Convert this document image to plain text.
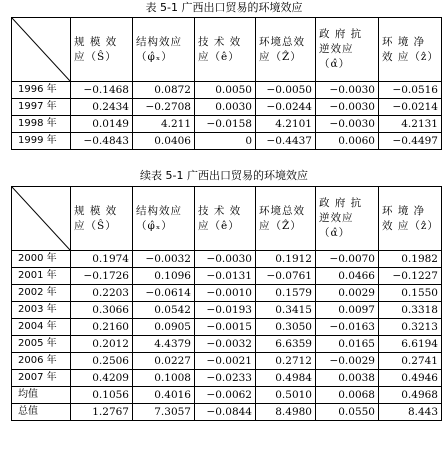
表 5-1 广西出口贸易的环境效应
	规 模 效 应（Ŝ）	结构效应（φ̂ₓ）	技 术 效 应（ê）	环境总效应（Ẑ）	政 府 抗 逆效应（α̂）	环 境 净 效 应（ẑ）
1996 年	−0.1468	0.0872	0.0050	−0.0050	−0.0030	−0.0516
1997 年	0.2434	−0.2708	0.0030	−0.0244	−0.0030	−0.0214
1998 年	0.0149	4.211	−0.0158	4.2101	−0.0030	4.2131
1999 年	−0.4843	0.0406	0	−0.4437	0.0060	−0.4497
续表 5-1 广西出口贸易的环境效应
	规 模 效 应（Ŝ）	结构效应（φ̂ₓ）	技 术 效 应（ê）	环境总效应（Ẑ）	政 府 抗 逆效应（α̂）	环 境 净 效 应（ẑ）
2000 年	0.1974	−0.0032	−0.0030	0.1912	−0.0070	0.1982
2001 年	−0.1726	0.1096	−0.0131	−0.0761	0.0466	−0.1227
2002 年	0.2203	−0.0614	−0.0010	0.1579	0.0029	0.1550
2003 年	0.3066	0.0542	−0.0193	0.3415	0.0097	0.3318
2004 年	0.2160	0.0905	−0.0015	0.3050	−0.0163	0.3213
2005 年	0.2012	4.4379	−0.0032	6.6359	0.0165	6.6194
2006 年	0.2506	0.0227	−0.0021	0.2712	−0.0029	0.2741
2007 年	0.4209	0.1008	−0.0233	0.4984	0.0038	0.4946
均值	0.1056	0.4016	−0.0062	0.5010	0.0068	0.4968
总值	1.2767	7.3057	−0.0844	8.4980	0.0550	8.443
